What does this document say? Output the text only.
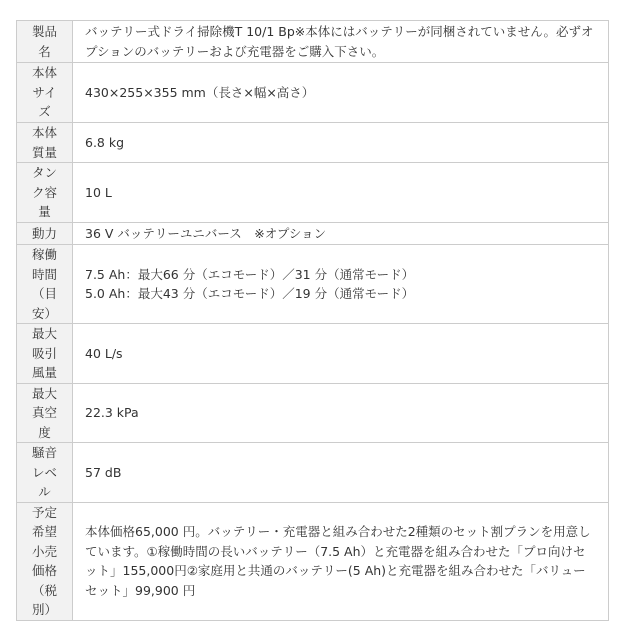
製品名	バッテリー式ドライ掃除機T 10/1 Bp※本体にはバッテリーが同梱されていません。必ずオプションのバッテリーおよび充電器をご購入下さい。

本体サイズ	430×255×355 mm（長さ×幅×高さ）

本体質量	6.8 kg

タンク容量	10 L

動力	36 V バッテリーユニバース　※オプション

稼働時間（目安）	7.5 Ah：最大66 分（エコモード）／31 分（通常モード）
5.0 Ah：最大43 分（エコモード）／19 分（通常モード）

最大吸引風量	40 L/s

最大真空度	22.3 kPa

騒音レベル	57 dB

予定希望小売価格（税別）	本体価格65,000 円。バッテリー・充電器と組み合わせた2種類のセット割プランを用意しています。①稼働時間の長いバッテリー（7.5 Ah）と充電器を組み合わせた「プロ向けセット」155,000円②家庭用と共通のバッテリー(5 Ah)と充電器を組み合わせた「バリューセット」99,900 円
